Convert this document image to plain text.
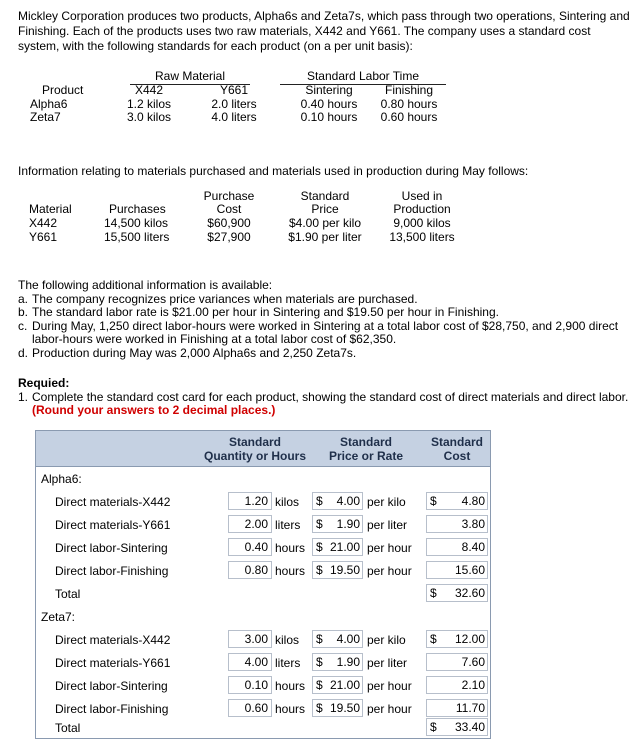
Mickley Corporation produces two products, Alpha6s and Zeta7s, which pass through two operations, Sintering and Finishing. Each of the products uses two raw materials, X442 and Y661. The company uses a standard cost system, with the following standards for each product (on a per unit basis):
Raw Material	Standard Labor Time
Product	X442	Y661	Sintering	Finishing
Alpha6	1.2 kilos	2.0 liters	0.40 hours	0.80 hours
Zeta7	3.0 kilos	4.0 liters	0.10 hours	0.60 hours
Information relating to materials purchased and materials used in production during May follows:
Purchase	Standard	Used in
Material	Purchases	Cost	Price	Production
X442	14,500 kilos	$60,900	$4.00 per kilo	9,000 kilos
Y661	15,500 liters	$27,900	$1.90 per liter	13,500 liters
The following additional information is available:
a. The company recognizes price variances when materials are purchased.
b. The standard labor rate is $21.00 per hour in Sintering and $19.50 per hour in Finishing.
c. During May, 1,250 direct labor-hours were worked in Sintering at a total labor cost of $28,750, and 2,900 direct labor-hours were worked in Finishing at a total labor cost of $62,350.
d. Production during May was 2,000 Alpha6s and 2,250 Zeta7s.
Requied:
1. Complete the standard cost card for each product, showing the standard cost of direct materials and direct labor. (Round your answers to 2 decimal places.)
Standard
Quantity or Hours
Standard
Price or Rate
Standard
Cost
Alpha6:
Direct materials-X442	1.20 kilos $ 4.00 per kilo $ 4.80
Direct materials-Y661	2.00 liters $ 1.90 per liter	3.80
Direct labor-Sintering	0.40 hours $ 21.00 per hour	8.40
Direct labor-Finishing	0.80 hours $ 19.50 per hour	15.60
Total	$ 32.60
Zeta7:
Direct materials-X442	3.00 kilos $ 4.00 per kilo $ 12.00
Direct materials-Y661	4.00 liters $ 1.90 per liter	7.60
Direct labor-Sintering	0.10 hours $ 21.00 per hour	2.10
Direct labor-Finishing	0.60 hours $ 19.50 per hour	11.70
Total	$ 33.40
